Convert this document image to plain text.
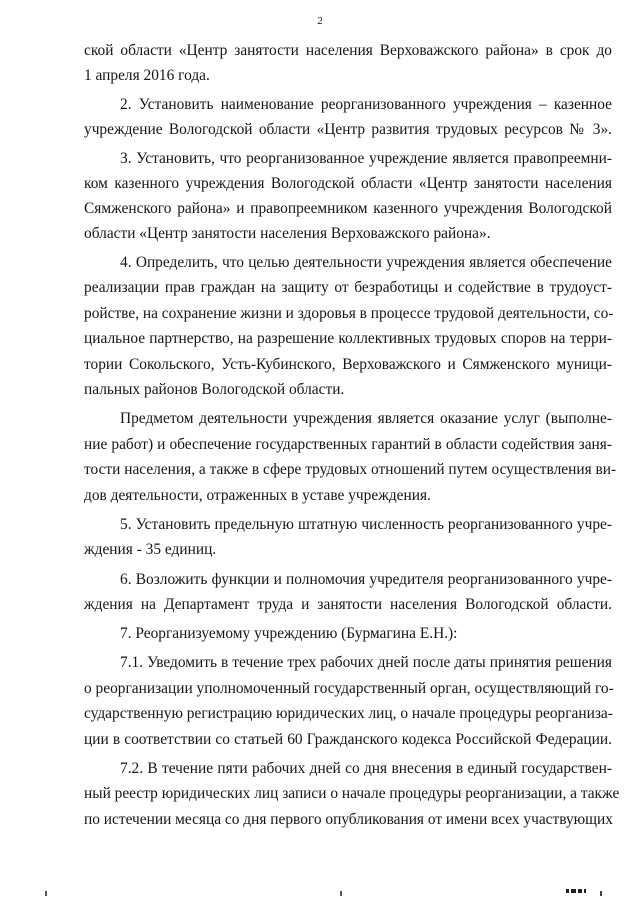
2
ской области «Центр занятости населения Верховажского района» в срок до
1 апреля 2016 года.
2. Установить наименование реорганизованного учреждения – казенное
учреждение Вологодской области «Центр развития трудовых ресурсов № 3».
3. Установить, что реорганизованное учреждение является правопреемни-
ком казенного учреждения Вологодской области «Центр занятости населения
Сямженского района» и правопреемником казенного учреждения Вологодской
области «Центр занятости населения Верховажского района».
4. Определить, что целью деятельности учреждения является обеспечение
реализации прав граждан на защиту от безработицы и содействие в трудоуст-
ройстве, на сохранение жизни и здоровья в процессе трудовой деятельности, со-
циальное партнерство, на разрешение коллективных трудовых споров на терри-
тории Сокольского, Усть-Кубинского, Верховажского и Сямженского муници-
пальных районов Вологодской области.
Предметом деятельности учреждения является оказание услуг (выполне-
ние работ) и обеспечение государственных гарантий в области содействия заня-
тости населения, а также в сфере трудовых отношений путем осуществления ви-
дов деятельности, отраженных в уставе учреждения.
5. Установить предельную штатную численность реорганизованного учре-
ждения - 35 единиц.
6. Возложить функции и полномочия учредителя реорганизованного учре-
ждения на Департамент труда и занятости населения Вологодской области.
7. Реорганизуемому учреждению (Бурмагина Е.Н.):
7.1. Уведомить в течение трех рабочих дней после даты принятия решения
о реорганизации уполномоченный государственный орган, осуществляющий го-
сударственную регистрацию юридических лиц, о начале процедуры реорганиза-
ции в соответствии со статьей 60 Гражданского кодекса Российской Федерации.
7.2. В течение пяти рабочих дней со дня внесения в единый государствен-
ный реестр юридических лиц записи о начале процедуры реорганизации, а также
по истечении месяца со дня первого опубликования от имени всех участвующих
